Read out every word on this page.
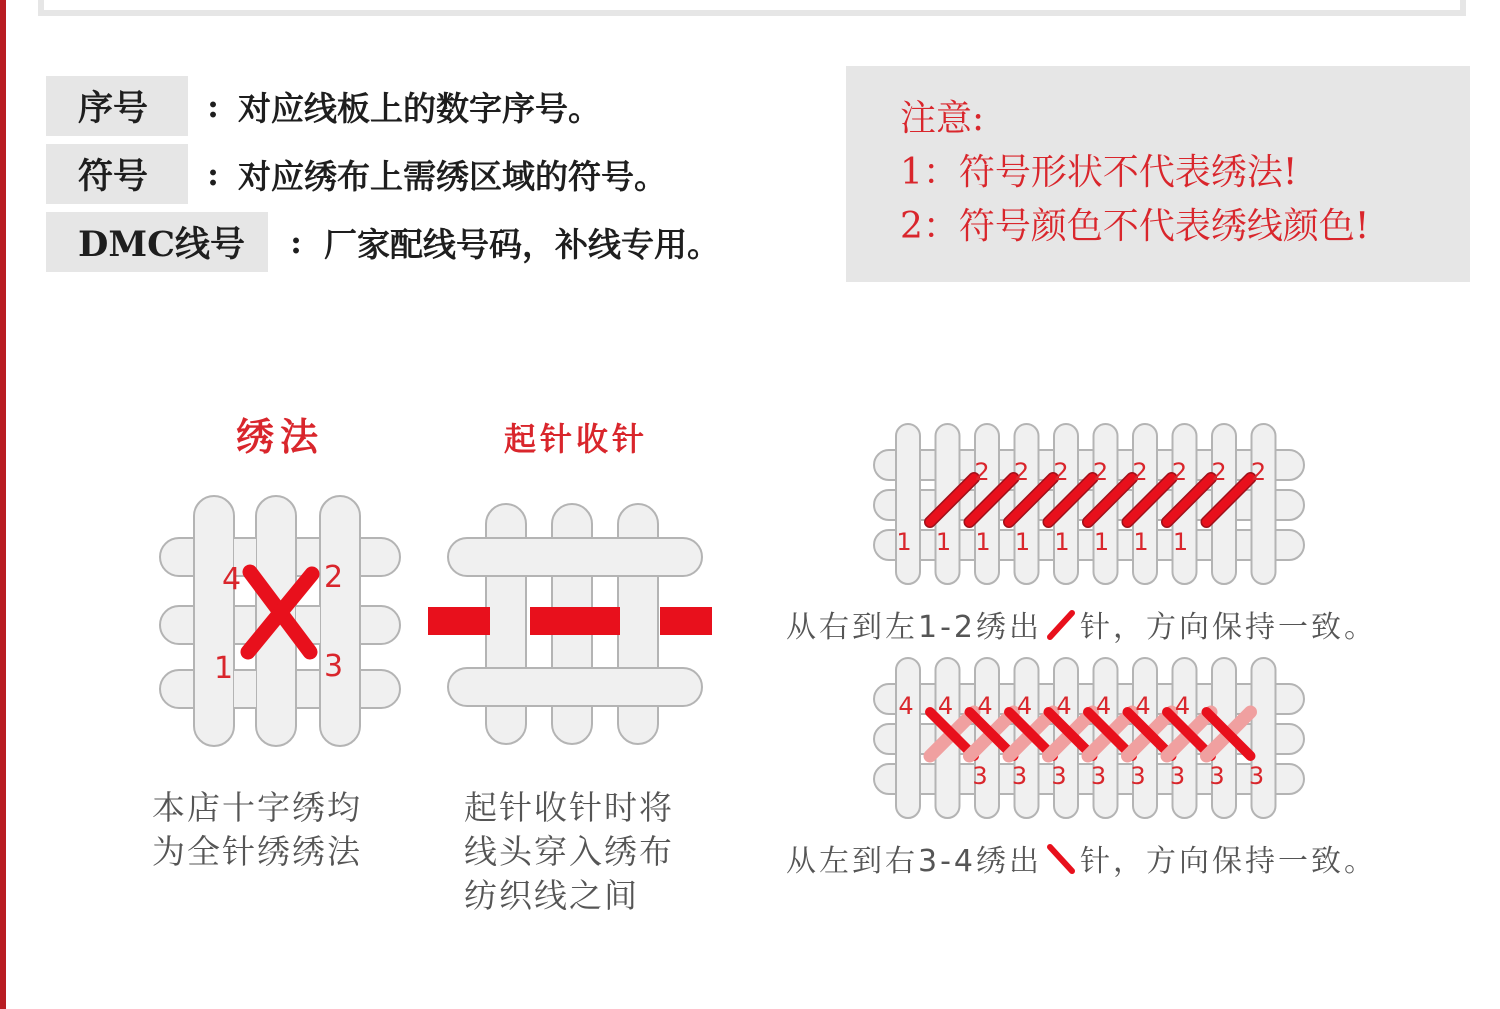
序号	: 对应线板上的数字序号。
符号	: 对应绣布上需绣区域的符号。
DMC线号	: 厂家配线号码，补线专用。
注意:
1：符号形状不代表绣法!
2：符号颜色不代表绣线颜色!
绣法
4	2
1	3
本店十字绣均
为全针绣绣法
起针收针
起针收针时将
线头穿入绣布
纺织线之间
2
1
2
1
2
1
2
1
2
1
2
1
2
1
2
1
从右到左1-2绣出 针，方向保持一致。
4
3
4
3
4
3
4
3
4
3
4
3
4
3
4
3
从左到右3-4绣出 针，方向保持一致。
